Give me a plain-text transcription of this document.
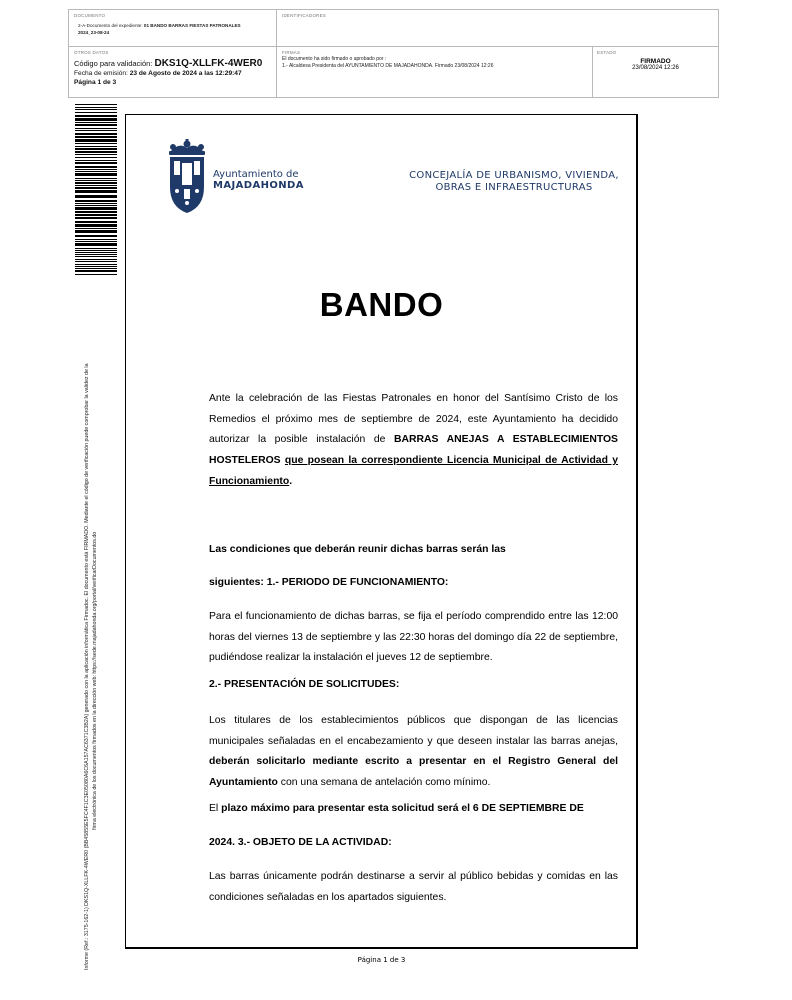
DOCUMENTO
2-A-Documento del expediente: 01 BANDO BARRAS FIESTAS PATRONALES 2024_23-08-24
IDENTIFICADORES
OTROS DATOS
Código para validación: DKS1Q-XLLFK-4WER0
Fecha de emisión: 23 de Agosto de 2024 a las 12:29:47
Página 1 de 3
FIRMAS
El documento ha sido firmado o aprobado por :
1.- Alcaldesa Presidenta del AYUNTAMIENTO DE MAJADAHONDA. Firmado 23/08/2024 12:26
ESTADO
FIRMADO
23/08/2024 12:26
Informe (Ref.: 3175-162-1) DKS1Q-XLLFK-4WER0 (BB45855E5FC4F1C3E05080A6C6A157AC6371C3B2A) generado con la aplicación informática Firmadoc. El documento está FIRMADO. Mediante el código de verificación puede comprobar la validez de la firma electrónica de los documentos firmados en la dirección web: https://sede.majadahonda.org/portal/verificarDocumentos.do
Ayuntamiento de
MAJADAHONDA
CONCEJALÍA DE URBANISMO, VIVIENDA,
OBRAS E INFRAESTRUCTURAS
BANDO
Ante la celebración de las Fiestas Patronales en honor del Santísimo Cristo de los Remedios el próximo mes de septiembre de 2024, este Ayuntamiento ha decidido autorizar la posible instalación de BARRAS ANEJAS A ESTABLECIMIENTOS HOSTELEROS que posean la correspondiente Licencia Municipal de Actividad y Funcionamiento.
Las condiciones que deberán reunir dichas barras serán las
siguientes: 1.- PERIODO DE FUNCIONAMIENTO:
Para el funcionamiento de dichas barras, se fija el período comprendido entre las 12:00 horas del viernes 13 de septiembre y las 22:30 horas del domingo día 22 de septiembre, pudiéndose realizar la instalación el jueves 12 de septiembre.
2.- PRESENTACIÓN DE SOLICITUDES:
Los titulares de los establecimientos públicos que dispongan de las licencias municipales señaladas en el encabezamiento y que deseen instalar las barras anejas, deberán solicitarlo mediante escrito a presentar en el Registro General del Ayuntamiento con una semana de antelación como mínimo.
El plazo máximo para presentar esta solicitud será el 6 DE SEPTIEMBRE DE
2024. 3.- OBJETO DE LA ACTIVIDAD:
Las barras únicamente podrán destinarse a servir al público bebidas y comidas en las condiciones señaladas en los apartados siguientes.
Página 1 de 3
